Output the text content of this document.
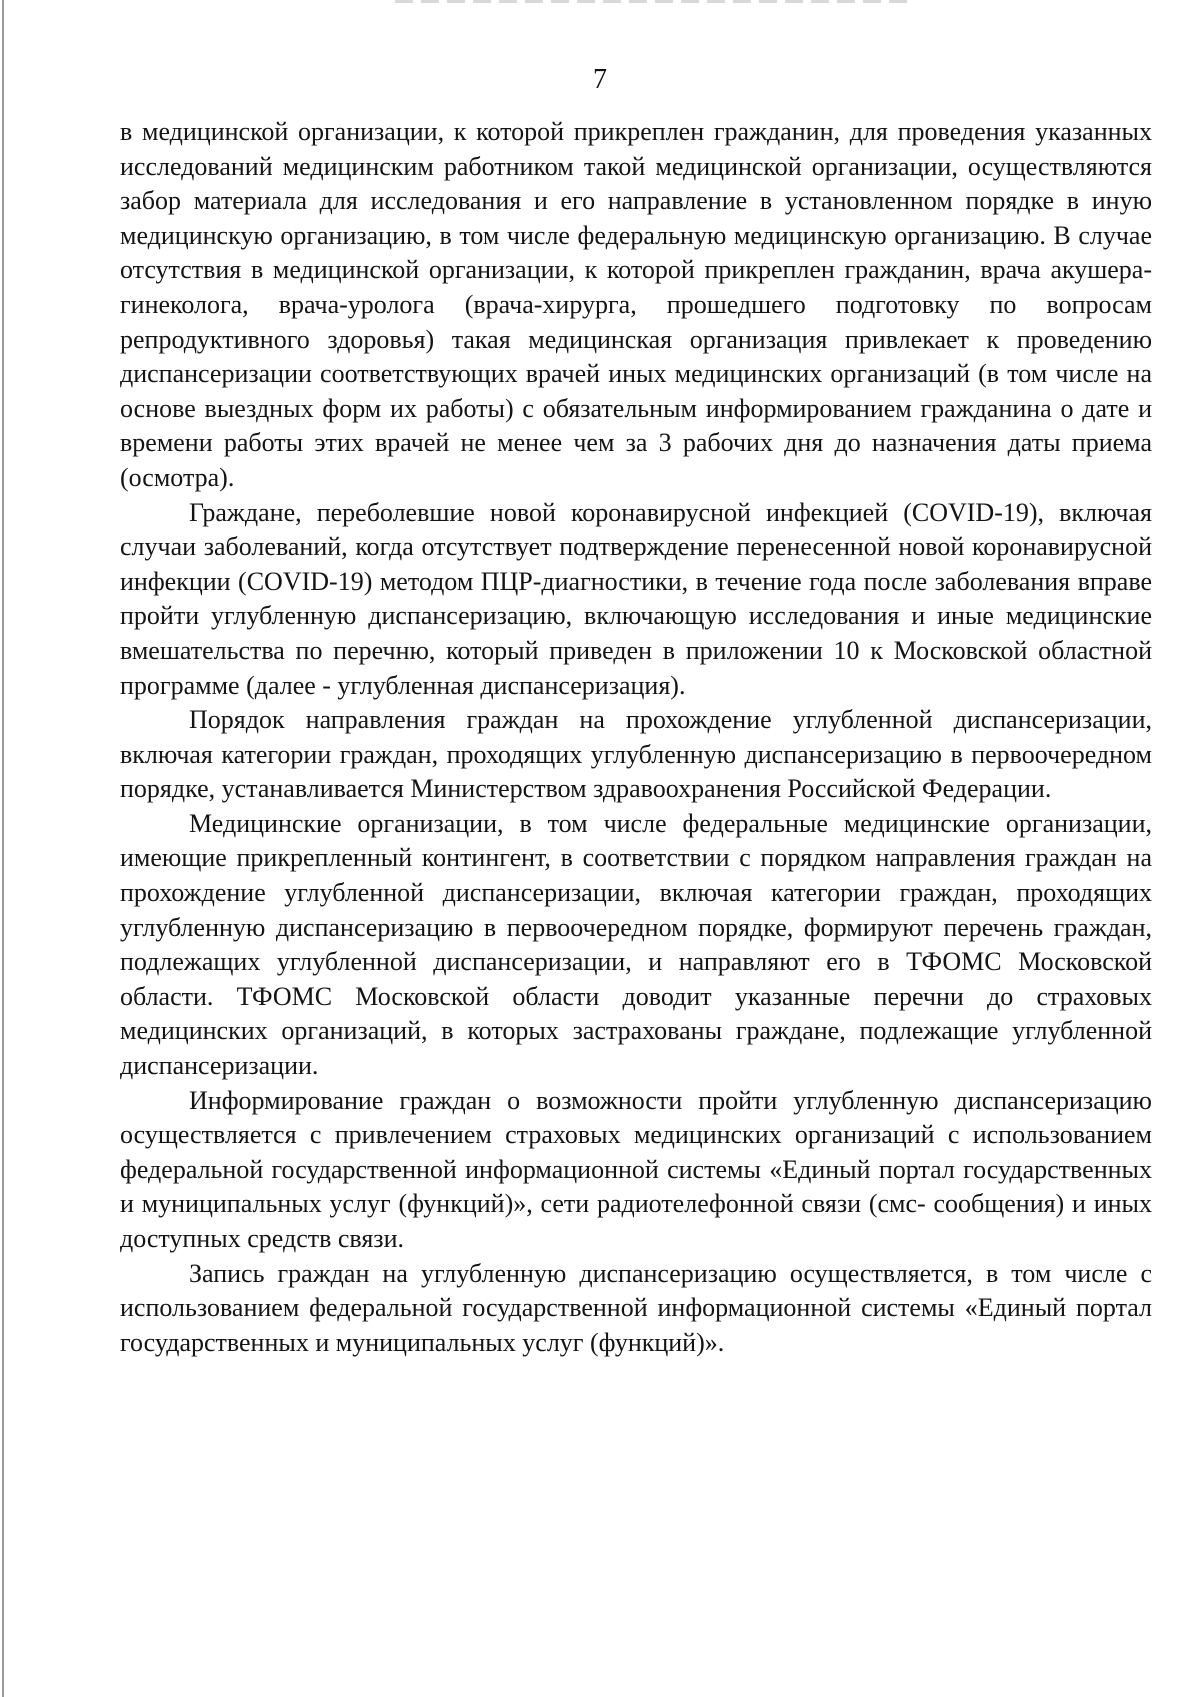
7

в медицинской организации, к которой прикреплен гражданин, для проведения указанных исследований медицинским работником такой медицинской организации, осуществляются забор материала для исследования и его направление в установленном порядке в иную медицинскую организацию, в том числе федеральную медицинскую организацию. В случае отсутствия в медицинской организации, к которой прикреплен гражданин, врача акушера-гинеколога, врача-уролога (врача-хирурга, прошедшего подготовку по вопросам репродуктивного здоровья) такая медицинская организация привлекает к проведению диспансеризации соответствующих врачей иных медицинских организаций (в том числе на основе выездных форм их работы) с обязательным информированием гражданина о дате и времени работы этих врачей не менее чем за 3 рабочих дня до назначения даты приема (осмотра).

Граждане, переболевшие новой коронавирусной инфекцией (COVID-19), включая случаи заболеваний, когда отсутствует подтверждение перенесенной новой коронавирусной инфекции (COVID-19) методом ПЦР-диагностики, в течение года после заболевания вправе пройти углубленную диспансеризацию, включающую исследования и иные медицинские вмешательства по перечню, который приведен в приложении 10 к Московской областной программе (далее - углубленная диспансеризация).

Порядок направления граждан на прохождение углубленной диспансеризации, включая категории граждан, проходящих углубленную диспансеризацию в первоочередном порядке, устанавливается Министерством здравоохранения Российской Федерации.

Медицинские организации, в том числе федеральные медицинские организации, имеющие прикрепленный контингент, в соответствии с порядком направления граждан на прохождение углубленной диспансеризации, включая категории граждан, проходящих углубленную диспансеризацию в первоочередном порядке, формируют перечень граждан, подлежащих углубленной диспансеризации, и направляют его в ТФОМС Московской области. ТФОМС Московской области доводит указанные перечни до страховых медицинских организаций, в которых застрахованы граждане, подлежащие углубленной диспансеризации.

Информирование граждан о возможности пройти углубленную диспансеризацию осуществляется с привлечением страховых медицинских организаций с использованием федеральной государственной информационной системы «Единый портал государственных и муниципальных услуг (функций)», сети радиотелефонной связи (смс- сообщения) и иных доступных средств связи.

Запись граждан на углубленную диспансеризацию осуществляется, в том числе с использованием федеральной государственной информационной системы «Единый портал государственных и муниципальных услуг (функций)».
